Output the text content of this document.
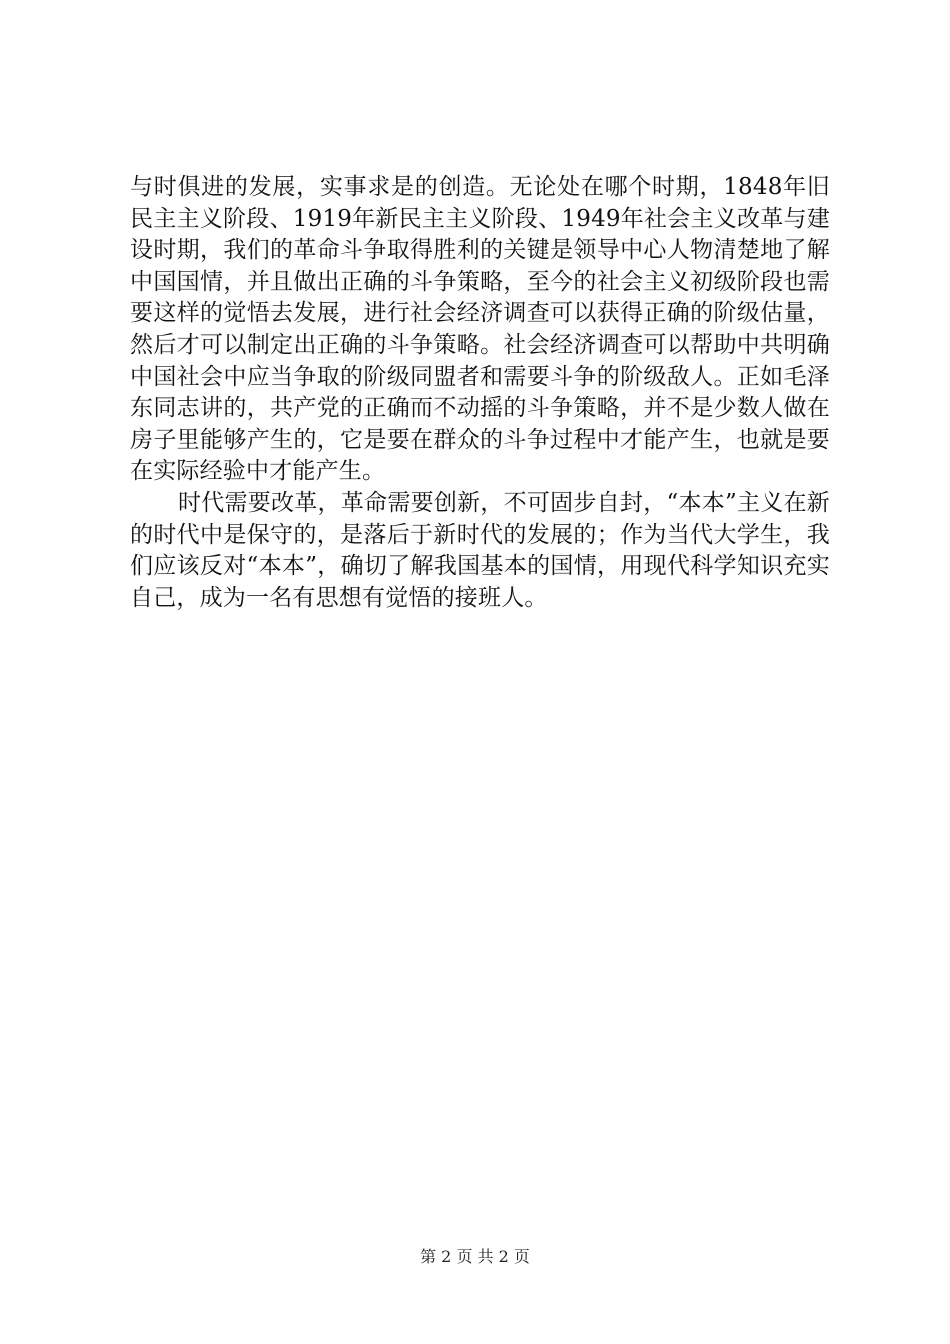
与时俱进的发展，实事求是的创造。无论处在哪个时期，1848年旧民主主义阶段、1919年新民主主义阶段、1949年社会主义改革与建设时期，我们的革命斗争取得胜利的关键是领导中心人物清楚地了解中国国情，并且做出正确的斗争策略，至今的社会主义初级阶段也需要这样的觉悟去发展，进行社会经济调查可以获得正确的阶级估量，然后才可以制定出正确的斗争策略。社会经济调查可以帮助中共明确中国社会中应当争取的阶级同盟者和需要斗争的阶级敌人。正如毛泽东同志讲的，共产党的正确而不动摇的斗争策略，并不是少数人做在房子里能够产生的，它是要在群众的斗争过程中才能产生，也就是要在实际经验中才能产生。

时代需要改革，革命需要创新，不可固步自封，“本本”主义在新的时代中是保守的，是落后于新时代的发展的；作为当代大学生，我们应该反对“本本”，确切了解我国基本的国情，用现代科学知识充实自己，成为一名有思想有觉悟的接班人。

第 2 页 共 2 页
